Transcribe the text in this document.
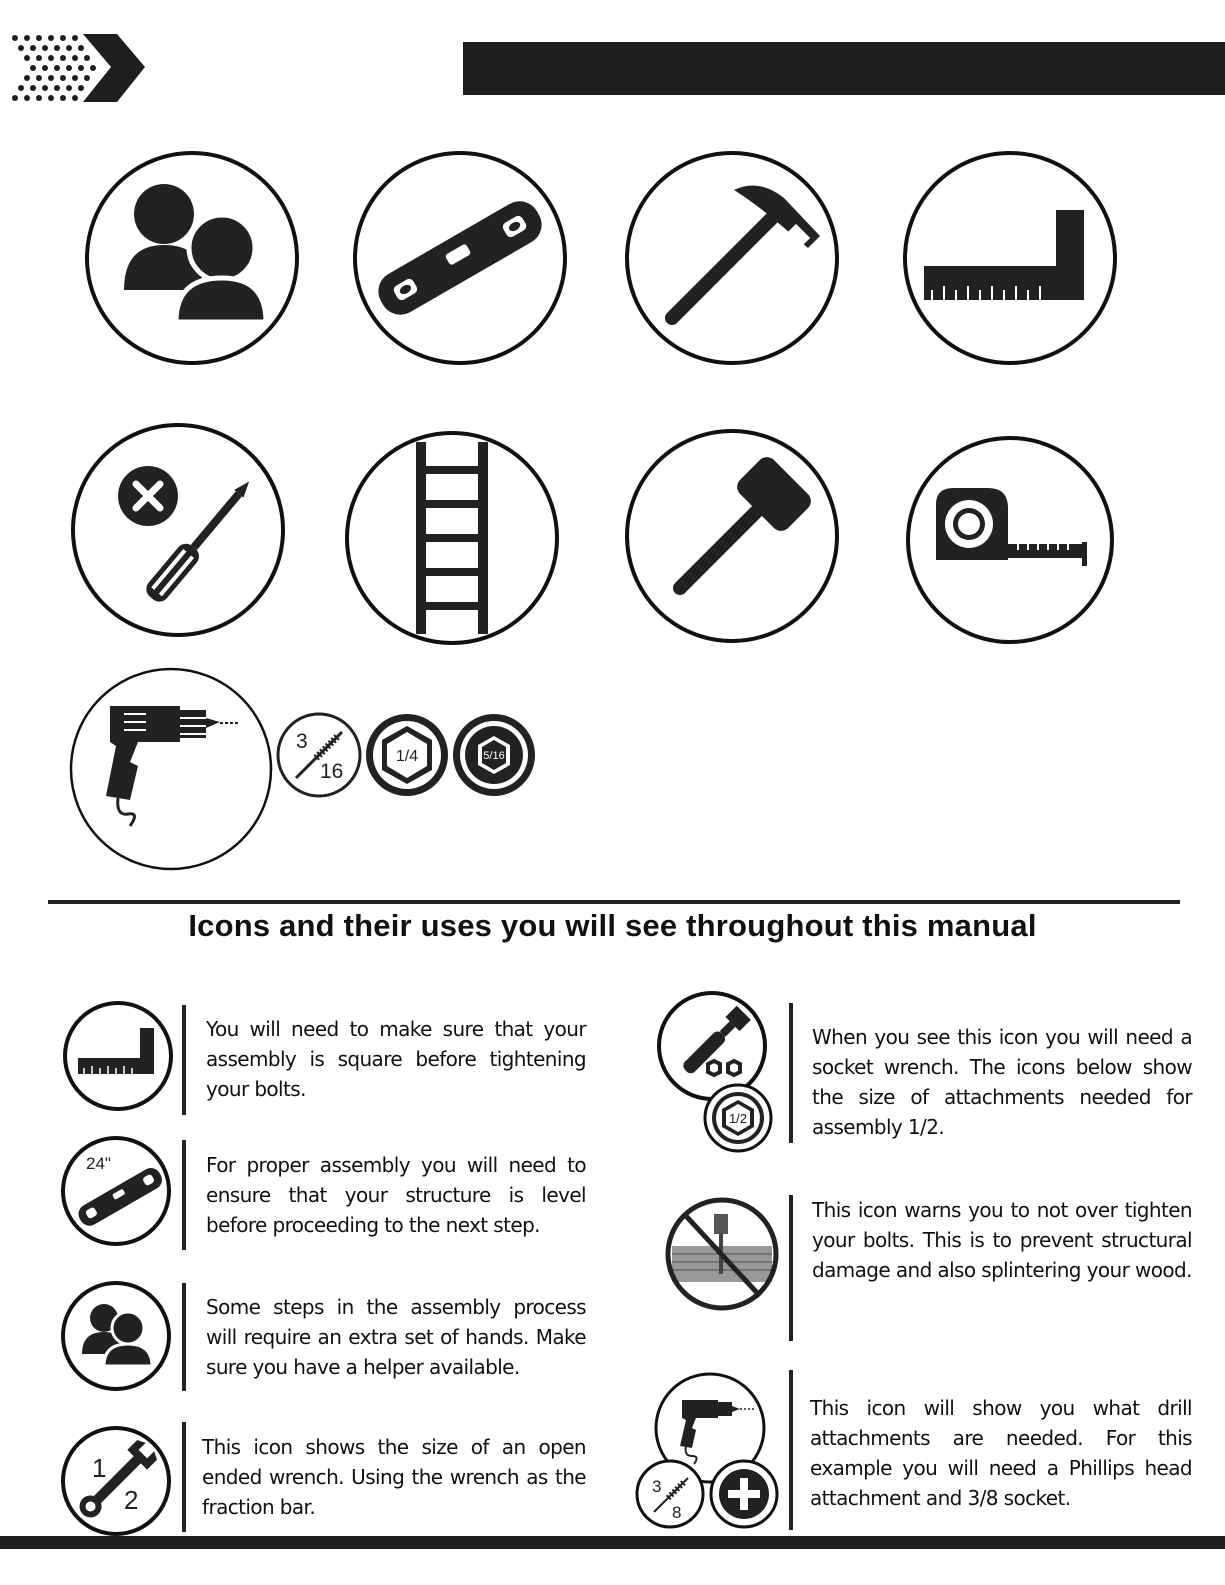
3
16
1/4	5/16
Icons and their uses you will see throughout this manual
You will need to make sure that your assembly is square before tightening your bolts.
24"	For proper assembly you will need to ensure that your structure is level before proceeding to the next step.
Some steps in the assembly process will require an extra set of hands. Make sure you have a helper available.
1
2
This icon shows the size of an open ended wrench. Using the wrench as the fraction bar.
1/2
When you see this icon you will need a socket wrench. The icons below show the size of attachments needed for assembly 1/2.
This icon warns you to not over tighten your bolts. This is to prevent structural damage and also splintering your wood.
3
8
This icon will show you what drill attachments are needed. For this example you will need a Phillips head attachment and 3/8 socket.
